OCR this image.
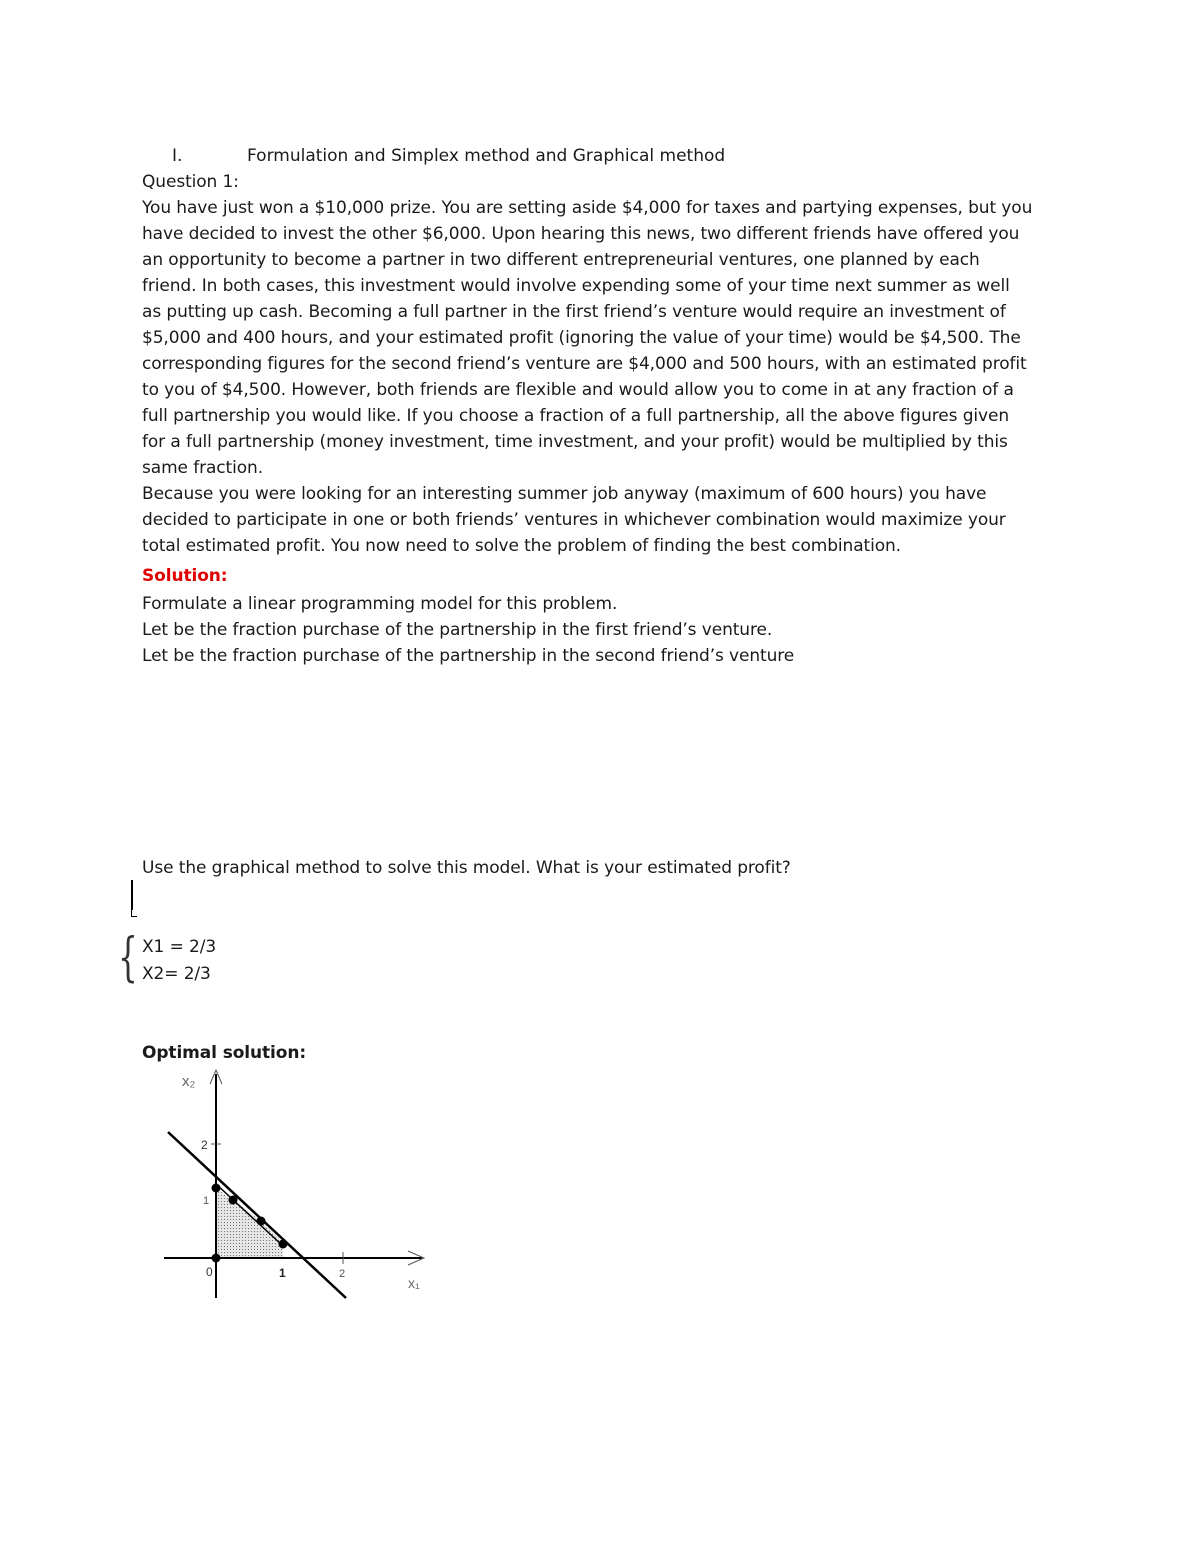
I.	Formulation and Simplex method and Graphical method
Question 1:
You have just won a $10,000 prize. You are setting aside $4,000 for taxes and partying expenses, but you
have decided to invest the other $6,000. Upon hearing this news, two different friends have offered you
an opportunity to become a partner in two different entrepreneurial ventures, one planned by each
friend. In both cases, this investment would involve expending some of your time next summer as well
as putting up cash. Becoming a full partner in the first friend’s venture would require an investment of
$5,000 and 400 hours, and your estimated profit (ignoring the value of your time) would be $4,500. The
corresponding figures for the second friend’s venture are $4,000 and 500 hours, with an estimated profit
to you of $4,500. However, both friends are flexible and would allow you to come in at any fraction of a
full partnership you would like. If you choose a fraction of a full partnership, all the above figures given
for a full partnership (money investment, time investment, and your profit) would be multiplied by this
same fraction.
Because you were looking for an interesting summer job anyway (maximum of 600 hours) you have
decided to participate in one or both friends’ ventures in whichever combination would maximize your
total estimated profit. You now need to solve the problem of finding the best combination.
Solution:
Formulate a linear programming model for this problem.
Let be the fraction purchase of the partnership in the first friend’s venture.
Let be the fraction purchase of the partnership in the second friend’s venture
Use the graphical method to solve this model. What is your estimated profit?
{ X1 = 2/3
X2= 2/3
Optimal solution:
x₂
x₁
0	1	2
1
2
